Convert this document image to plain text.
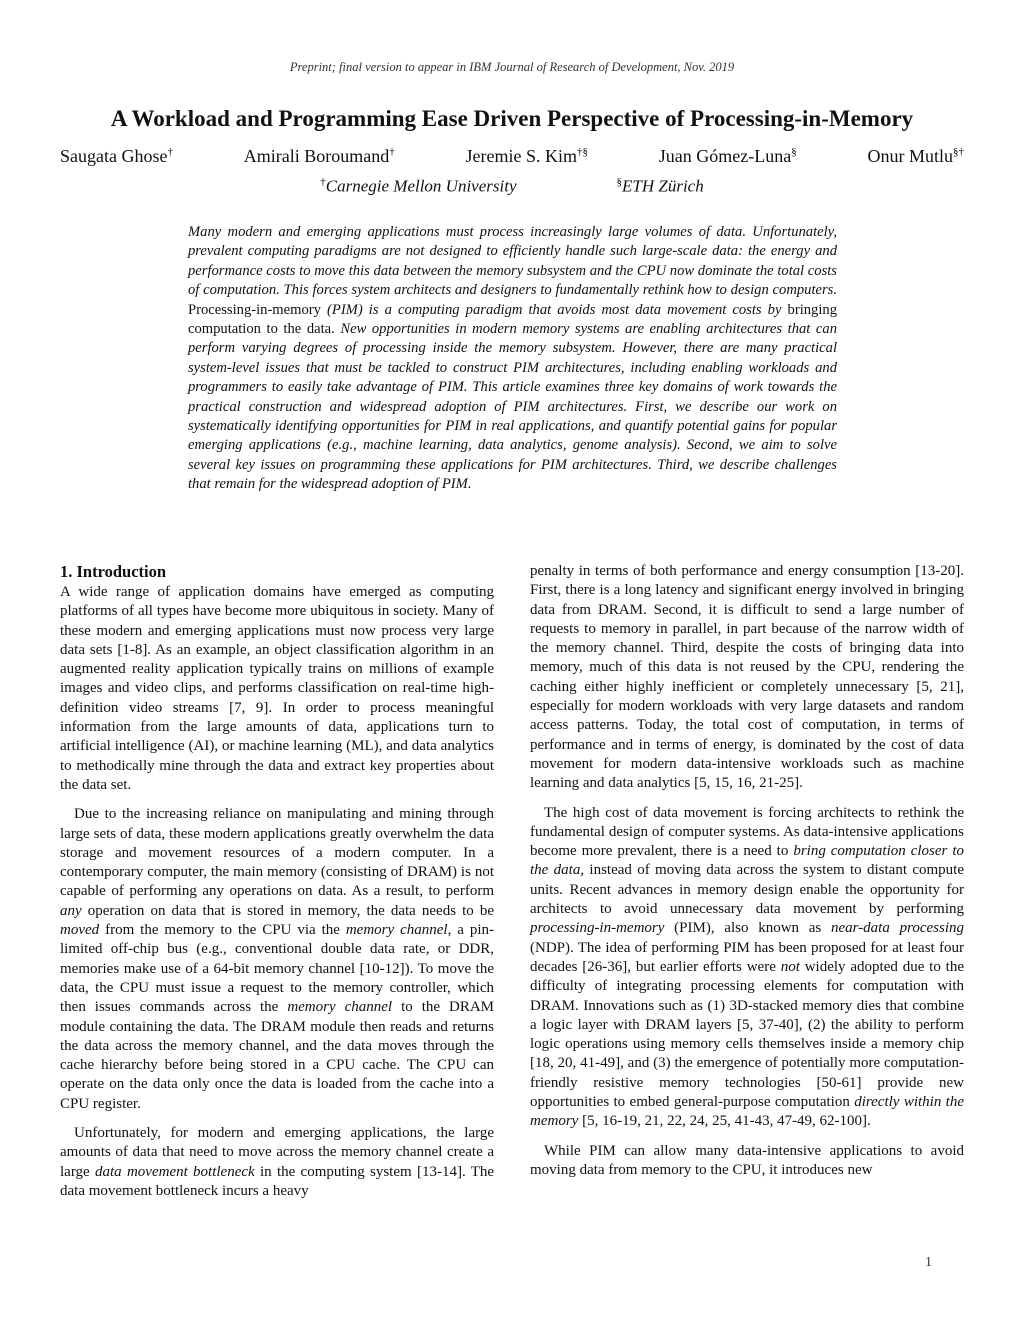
Preprint; final version to appear in IBM Journal of Research of Development, Nov. 2019
A Workload and Programming Ease Driven Perspective of Processing-in-Memory
Saugata Ghose†	Amirali Boroumand†	Jeremie S. Kim†§	Juan Gómez-Luna§	Onur Mutlu§†
†Carnegie Mellon University	§ETH Zürich

Many modern and emerging applications must process increasingly large volumes of data. Unfortunately, prevalent computing paradigms are not designed to efficiently handle such large-scale data: the energy and performance costs to move this data between the memory subsystem and the CPU now dominate the total costs of computation. This forces system architects and designers to fundamentally rethink how to design computers. Processing-in-memory (PIM) is a computing paradigm that avoids most data movement costs by bringing computation to the data. New opportunities in modern memory systems are enabling architectures that can perform varying degrees of processing inside the memory subsystem. However, there are many practical system-level issues that must be tackled to construct PIM architectures, including enabling workloads and programmers to easily take advantage of PIM. This article examines three key domains of work towards the practical construction and widespread adoption of PIM architectures. First, we describe our work on systematically identifying opportunities for PIM in real applications, and quantify potential gains for popular emerging applications (e.g., machine learning, data analytics, genome analysis). Second, we aim to solve several key issues on programming these applications for PIM architectures. Third, we describe challenges that remain for the widespread adoption of PIM.

1. Introduction

A wide range of application domains have emerged as computing platforms of all types have become more ubiquitous in society. Many of these modern and emerging applications must now process very large data sets [1-8]. As an example, an object classification algorithm in an augmented reality application typically trains on millions of example images and video clips, and performs classification on real-time high-definition video streams [7, 9]. In order to process meaningful information from the large amounts of data, applications turn to artificial intelligence (AI), or machine learning (ML), and data analytics to methodically mine through the data and extract key properties about the data set.

Due to the increasing reliance on manipulating and mining through large sets of data, these modern applications greatly overwhelm the data storage and movement resources of a modern computer. In a contemporary computer, the main memory (consisting of DRAM) is not capable of performing any operations on data. As a result, to perform any operation on data that is stored in memory, the data needs to be moved from the memory to the CPU via the memory channel, a pin-limited off-chip bus (e.g., conventional double data rate, or DDR, memories make use of a 64-bit memory channel [10-12]). To move the data, the CPU must issue a request to the memory controller, which then issues commands across the memory channel to the DRAM module containing the data. The DRAM module then reads and returns the data across the memory channel, and the data moves through the cache hierarchy before being stored in a CPU cache. The CPU can operate on the data only once the data is loaded from the cache into a CPU register.

Unfortunately, for modern and emerging applications, the large amounts of data that need to move across the memory channel create a large data movement bottleneck in the computing system [13-14]. The data movement bottleneck incurs a heavy

penalty in terms of both performance and energy consumption [13-20]. First, there is a long latency and significant energy involved in bringing data from DRAM. Second, it is difficult to send a large number of requests to memory in parallel, in part because of the narrow width of the memory channel. Third, despite the costs of bringing data into memory, much of this data is not reused by the CPU, rendering the caching either highly inefficient or completely unnecessary [5, 21], especially for modern workloads with very large datasets and random access patterns. Today, the total cost of computation, in terms of performance and in terms of energy, is dominated by the cost of data movement for modern data-intensive workloads such as machine learning and data analytics [5, 15, 16, 21-25].

The high cost of data movement is forcing architects to rethink the fundamental design of computer systems. As data-intensive applications become more prevalent, there is a need to bring computation closer to the data, instead of moving data across the system to distant compute units. Recent advances in memory design enable the opportunity for architects to avoid unnecessary data movement by performing processing-in-memory (PIM), also known as near-data processing (NDP). The idea of performing PIM has been proposed for at least four decades [26-36], but earlier efforts were not widely adopted due to the difficulty of integrating processing elements for computation with DRAM. Innovations such as (1) 3D-stacked memory dies that combine a logic layer with DRAM layers [5, 37-40], (2) the ability to perform logic operations using memory cells themselves inside a memory chip [18, 20, 41-49], and (3) the emergence of potentially more computation-friendly resistive memory technologies [50-61] provide new opportunities to embed general-purpose computation directly within the memory [5, 16-19, 21, 22, 24, 25, 41-43, 47-49, 62-100].

While PIM can allow many data-intensive applications to avoid moving data from memory to the CPU, it introduces new

1
